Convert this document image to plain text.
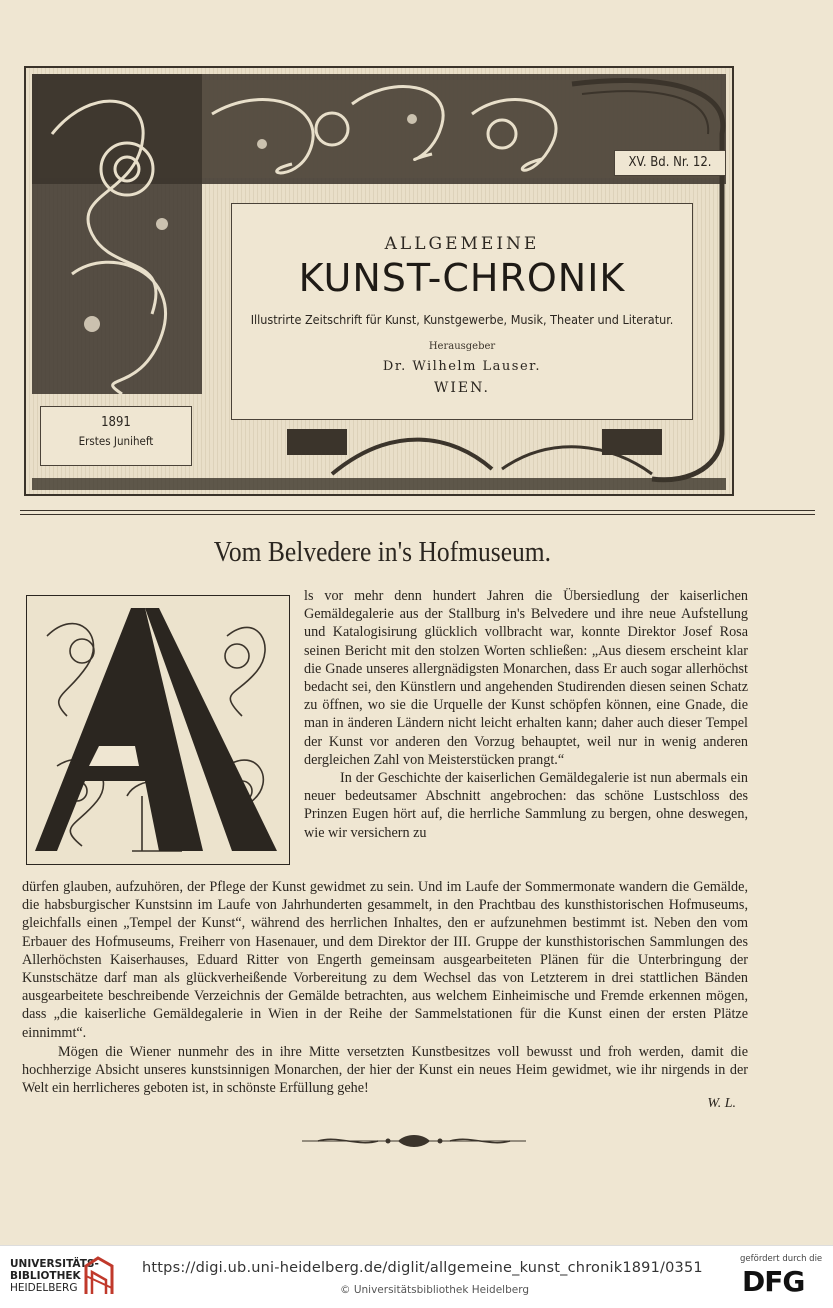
XV. Bd. Nr. 12.
ALLGEMEINE
KUNST-CHRONIK
Illustrirte Zeitschrift für Kunst, Kunstgewerbe, Musik, Theater und Literatur.
Herausgeber
Dr. Wilhelm Lauser.
WIEN.
1891
Erstes Juniheft
Vom Belvedere in's Hofmuseum.
A	ls vor mehr denn hundert Jahren die Übersiedlung der kaiserlichen Gemäldegalerie aus der Stallburg in's Belvedere und ihre neue Aufstellung und Katalogisirung glücklich vollbracht war, konnte Direktor Josef Rosa seinen Bericht mit den stolzen Worten schließen: „Aus diesem erscheint klar die Gnade unseres allergnädigsten Monarchen, dass Er auch sogar allerhöchst bedacht sei, den Künstlern und angehenden Studirenden diesen seinen Schatz zu öffnen, wo sie die Urquelle der Kunst schöpfen können, eine Gnade, die man in änderen Ländern nicht leicht erhalten kann; daher auch dieser Tempel der Kunst vor anderen den Vorzug behauptet, weil nur in wenig anderen dergleichen Zahl von Meisterstücken prangt.“

In der Geschichte der kaiserlichen Gemäldegalerie ist nun abermals ein neuer bedeutsamer Abschnitt angebrochen: das schöne Lustschloss des Prinzen Eugen hört auf, die herrliche Sammlung zu bergen, ohne deswegen, wie wir versichern zu

dürfen glauben, aufzuhören, der Pflege der Kunst gewidmet zu sein. Und im Laufe der Sommermonate wandern die Gemälde, die habsburgischer Kunstsinn im Laufe von Jahrhunderten gesammelt, in den Prachtbau des kunsthistorischen Hofmuseums, gleichfalls einen „Tempel der Kunst“, während des herrlichen Inhaltes, den er aufzunehmen bestimmt ist. Neben den vom Erbauer des Hofmuseums, Freiherr von Hasenauer, und dem Direktor der III. Gruppe der kunsthistorischen Sammlungen des Allerhöchsten Kaiserhauses, Eduard Ritter von Engerth gemeinsam ausgearbeiteten Plänen für die Unterbringung der Kunstschätze darf man als glückverheißende Vorbereitung zu dem Wechsel das von Letzterem in drei stattlichen Bänden ausgearbeitete beschreibende Verzeichnis der Gemälde betrachten, aus welchem Einheimische und Fremde erkennen mögen, dass „die kaiserliche Gemäldegalerie in Wien in der Reihe der Sammelstationen für die Kunst einen der ersten Plätze einnimmt“.

Mögen die Wiener nunmehr des in ihre Mitte versetzten Kunstbesitzes voll bewusst und froh werden, damit die hochherzige Absicht unseres kunstsinnigen Monarchen, der hier der Kunst ein neues Heim gewidmet, wie ihr nirgends in der Welt ein herrlicheres geboten ist, in schönste Erfüllung gehe!

W. L.
UNIVERSITÄTS-
BIBLIOTHEK
HEIDELBERG
https://digi.ub.uni-heidelberg.de/diglit/allgemeine_kunst_chronik1891/0351
© Universitätsbibliothek Heidelberg
gefördert durch die
DFG
